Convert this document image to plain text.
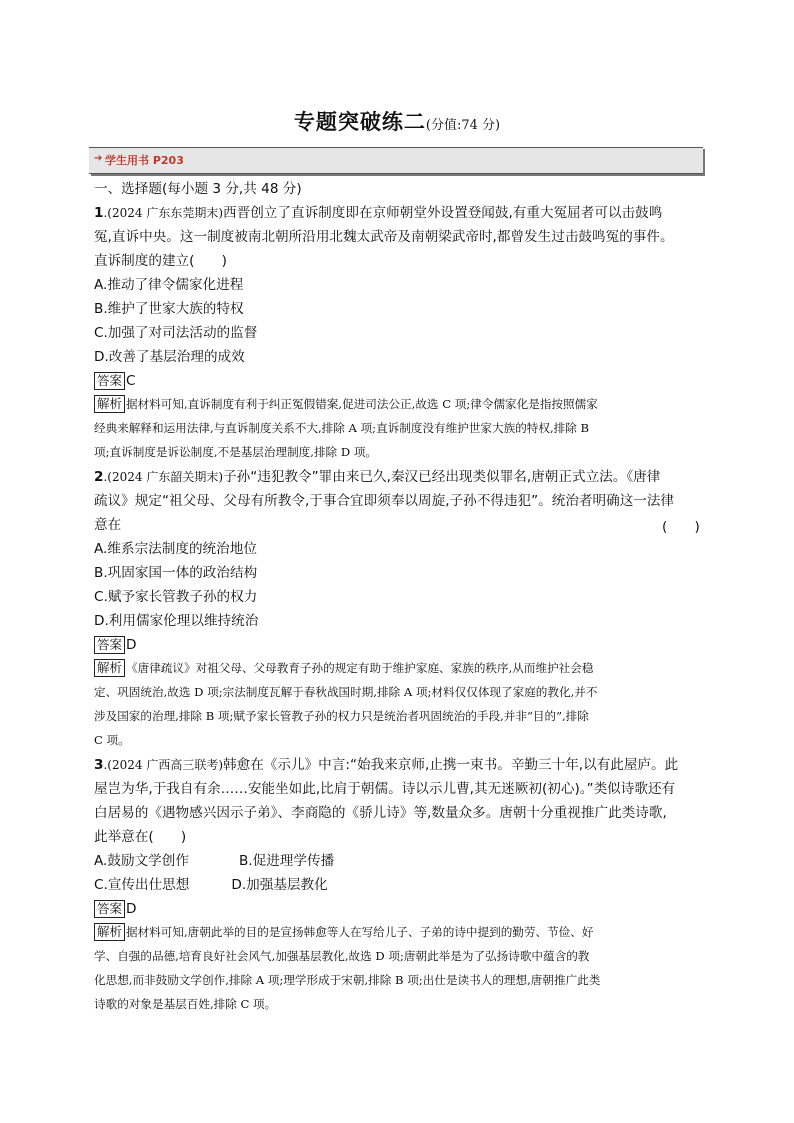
专题突破练二(分值:74 分)
➔ 学生用书 P203
一、选择题(每小题 3 分,共 48 分)
1.(2024 广东东莞期末)西晋创立了直诉制度即在京师朝堂外设置登闻鼓,有重大冤屈者可以击鼓鸣
冤,直诉中央。这一制度被南北朝所沿用北魏太武帝及南朝梁武帝时,都曾发生过击鼓鸣冤的事件。
直诉制度的建立(　　)
A.推动了律令儒家化进程
B.维护了世家大族的特权
C.加强了对司法活动的监督
D.改善了基层治理的成效
答案 C
解析 据材料可知,直诉制度有利于纠正冤假错案,促进司法公正,故选 C 项;律令儒家化是指按照儒家
经典来解释和运用法律,与直诉制度关系不大,排除 A 项;直诉制度没有维护世家大族的特权,排除 B
项;直诉制度是诉讼制度,不是基层治理制度,排除 D 项。
2.(2024 广东韶关期末)子孙“违犯教令”罪由来已久,秦汉已经出现类似罪名,唐朝正式立法。《唐律
疏议》规定“祖父母、父母有所教令,于事合宜即须奉以周旋,子孙不得违犯”。统治者明确这一法律
意在	(　　)
A.维系宗法制度的统治地位
B.巩固家国一体的政治结构
C.赋予家长管教子孙的权力
D.利用儒家伦理以维持统治
答案 D
解析 《唐律疏议》对祖父母、父母教育子孙的规定有助于维护家庭、家族的秩序,从而维护社会稳
定、巩固统治,故选 D 项;宗法制度瓦解于春秋战国时期,排除 A 项;材料仅仅体现了家庭的教化,并不
涉及国家的治理,排除 B 项;赋予家长管教子孙的权力只是统治者巩固统治的手段,并非“目的”,排除
C 项。
3.(2024 广西高三联考)韩愈在《示儿》中言:“始我来京师,止携一束书。辛勤三十年,以有此屋庐。此
屋岂为华,于我自有余……安能坐如此,比肩于朝儒。诗以示儿曹,其无迷厥初(初心)。”类似诗歌还有
白居易的《遇物感兴因示子弟》、李商隐的《骄儿诗》等,数量众多。唐朝十分重视推广此类诗歌,
此举意在(　　)
A.鼓励文学创作	B.促进理学传播
C.宣传出仕思想	D.加强基层教化
答案 D
解析 据材料可知,唐朝此举的目的是宣扬韩愈等人在写给儿子、子弟的诗中提到的勤劳、节俭、好
学、自强的品德,培育良好社会风气,加强基层教化,故选 D 项;唐朝此举是为了弘扬诗歌中蕴含的教
化思想,而非鼓励文学创作,排除 A 项;理学形成于宋朝,排除 B 项;出仕是读书人的理想,唐朝推广此类
诗歌的对象是基层百姓,排除 C 项。
